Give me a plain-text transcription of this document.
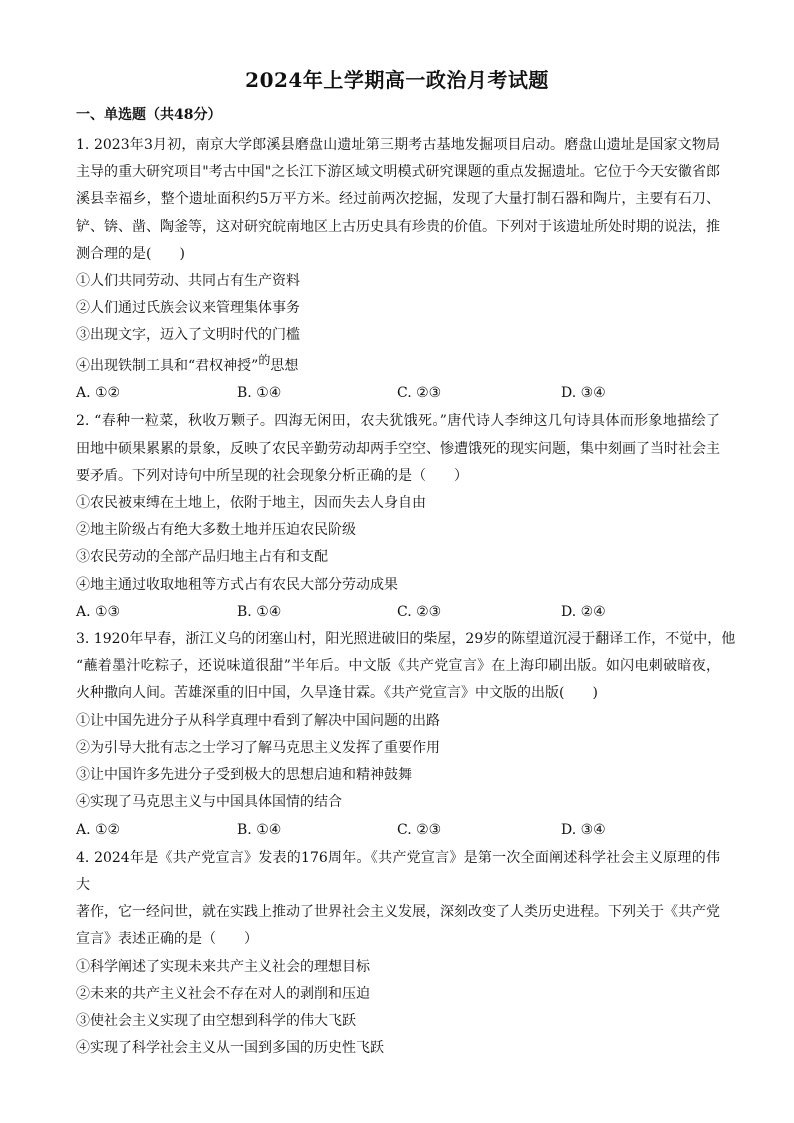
2024年上学期高一政治月考试题
一、单选题（共48分）
1. 2023年3月初，南京大学郎溪县磨盘山遗址第三期考古基地发掘项目启动。磨盘山遗址是国家文物局
主导的重大研究项目"考古中国"之长江下游区域文明模式研究课题的重点发掘遗址。它位于今天安徽省郎
溪县幸福乡，整个遗址面积约5万平方米。经过前两次挖掘，发现了大量打制石器和陶片，主要有石刀、
铲、锛、凿、陶釜等，这对研究皖南地区上古历史具有珍贵的价值。下列对于该遗址所处时期的说法，推
测合理的是(　　)
①人们共同劳动、共同占有生产资料
②人们通过氏族会议来管理集体事务
③出现文字，迈入了文明时代的门槛
④出现铁制工具和“君权神授”的思想
A. ①②	B. ①④	C. ②③	D. ③④
2. “春种一粒菜，秋收万颗子。四海无闲田，农夫犹饿死。”唐代诗人李绅这几句诗具体而形象地描绘了
田地中硕果累累的景象，反映了农民辛勤劳动却两手空空、惨遭饿死的现实问题，集中刻画了当时社会主
要矛盾。下列对诗句中所呈现的社会现象分析正确的是（　　）
①农民被束缚在土地上，依附于地主，因而失去人身自由
②地主阶级占有绝大多数土地并压迫农民阶级
③农民劳动的全部产品归地主占有和支配
④地主通过收取地租等方式占有农民大部分劳动成果
A. ①③	B. ①④	C. ②③	D. ②④
3. 1920年早春，浙江义乌的闭塞山村，阳光照进破旧的柴屋，29岁的陈望道沉浸于翻译工作，不觉中，他
“蘸着墨汁吃粽子，还说味道很甜”半年后。中文版《共产党宣言》在上海印刷出版。如闪电刺破暗夜，
火种撒向人间。苦雄深重的旧中国，久旱逢甘霖。《共产党宣言》中文版的出版(　　)
①让中国先进分子从科学真理中看到了解决中国问题的出路
②为引导大批有志之士学习了解马克思主义发挥了重要作用
③让中国许多先进分子受到极大的思想启迪和精神鼓舞
④实现了马克思主义与中国具体国情的结合
A. ①②	B. ①④	C. ②③	D. ③④
4. 2024年是《共产党宣言》发表的176周年。《共产党宣言》是第一次全面阐述科学社会主义原理的伟
大
著作，它一经问世，就在实践上推动了世界社会主义发展，深刻改变了人类历史进程。下列关于《共产党
宣言》表述正确的是（　　）
①科学阐述了实现未来共产主义社会的理想目标
②未来的共产主义社会不存在对人的剥削和压迫
③使社会主义实现了由空想到科学的伟大飞跃
④实现了科学社会主义从一国到多国的历史性飞跃
